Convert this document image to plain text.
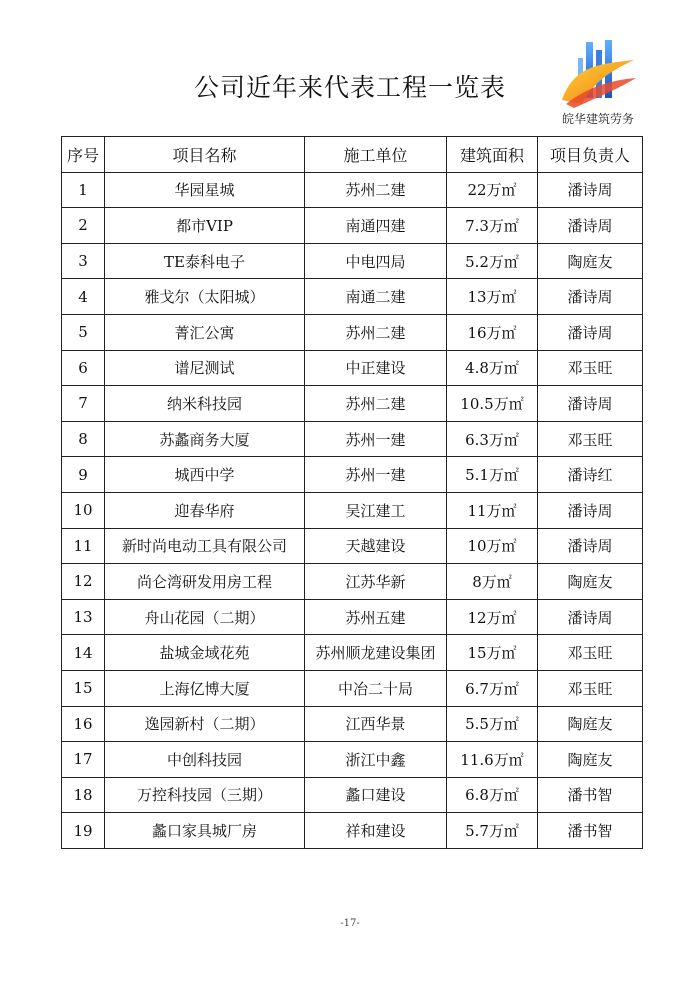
公司近年来代表工程一览表
皖华建筑劳务
序号	项目名称	施工单位	建筑面积	项目负责人
1	华园星城	苏州二建	22万㎡	潘诗周
2	都市VIP	南通四建	7.3万㎡	潘诗周
3	TE泰科电子	中电四局	5.2万㎡	陶庭友
4	雅戈尔（太阳城）	南通二建	13万㎡	潘诗周
5	菁汇公寓	苏州二建	16万㎡	潘诗周
6	谱尼测试	中正建设	4.8万㎡	邓玉旺
7	纳米科技园	苏州二建	10.5万㎡	潘诗周
8	苏蠡商务大厦	苏州一建	6.3万㎡	邓玉旺
9	城西中学	苏州一建	5.1万㎡	潘诗红
10	迎春华府	吴江建工	11万㎡	潘诗周
11	新时尚电动工具有限公司	天越建设	10万㎡	潘诗周
12	尚仑湾研发用房工程	江苏华新	8万㎡	陶庭友
13	舟山花园（二期）	苏州五建	12万㎡	潘诗周
14	盐城金域花苑	苏州顺龙建设集团	15万㎡	邓玉旺
15	上海亿博大厦	中冶二十局	6.7万㎡	邓玉旺
16	逸园新村（二期）	江西华景	5.5万㎡	陶庭友
17	中创科技园	浙江中鑫	11.6万㎡	陶庭友
18	万控科技园（三期）	蠡口建设	6.8万㎡	潘书智
19	蠡口家具城厂房	祥和建设	5.7万㎡	潘书智
-17-
